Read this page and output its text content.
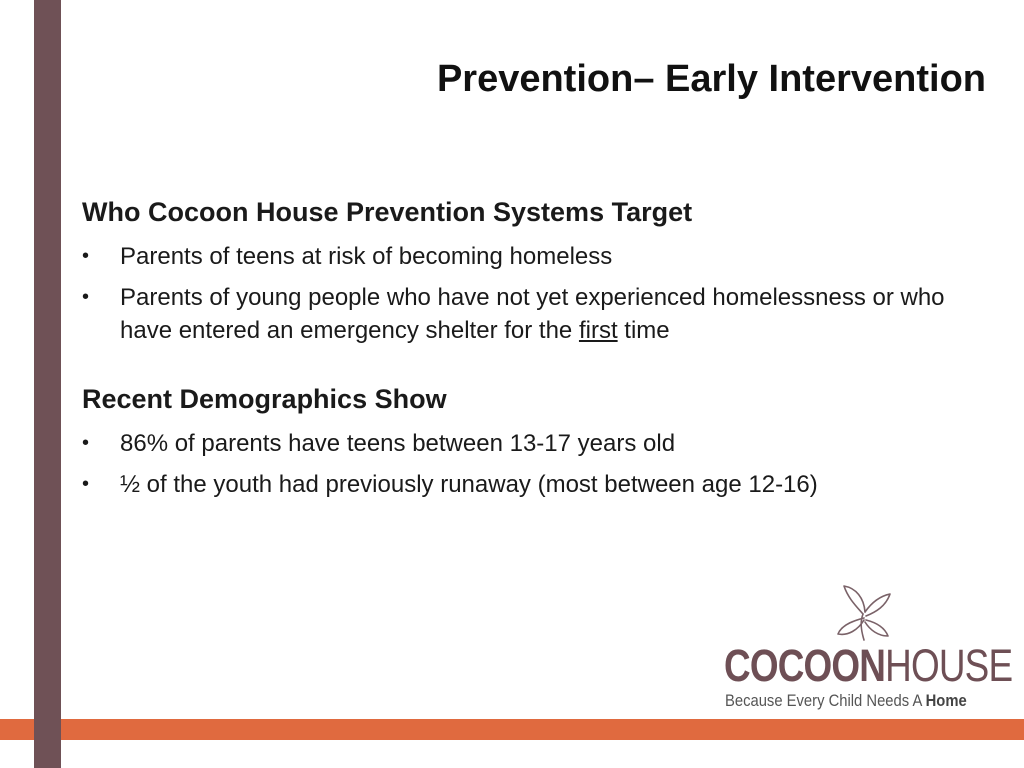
Prevention– Early Intervention
Who Cocoon House Prevention Systems Target
• Parents of teens at risk of becoming homeless
• Parents of young people who have not yet experienced homelessness or who have entered an emergency shelter for the first time
Recent Demographics Show
• 86% of parents have teens between 13-17 years old
• ½ of the youth had previously runaway (most between age 12-16)
COCOONHOUSE
Because Every Child Needs A Home
